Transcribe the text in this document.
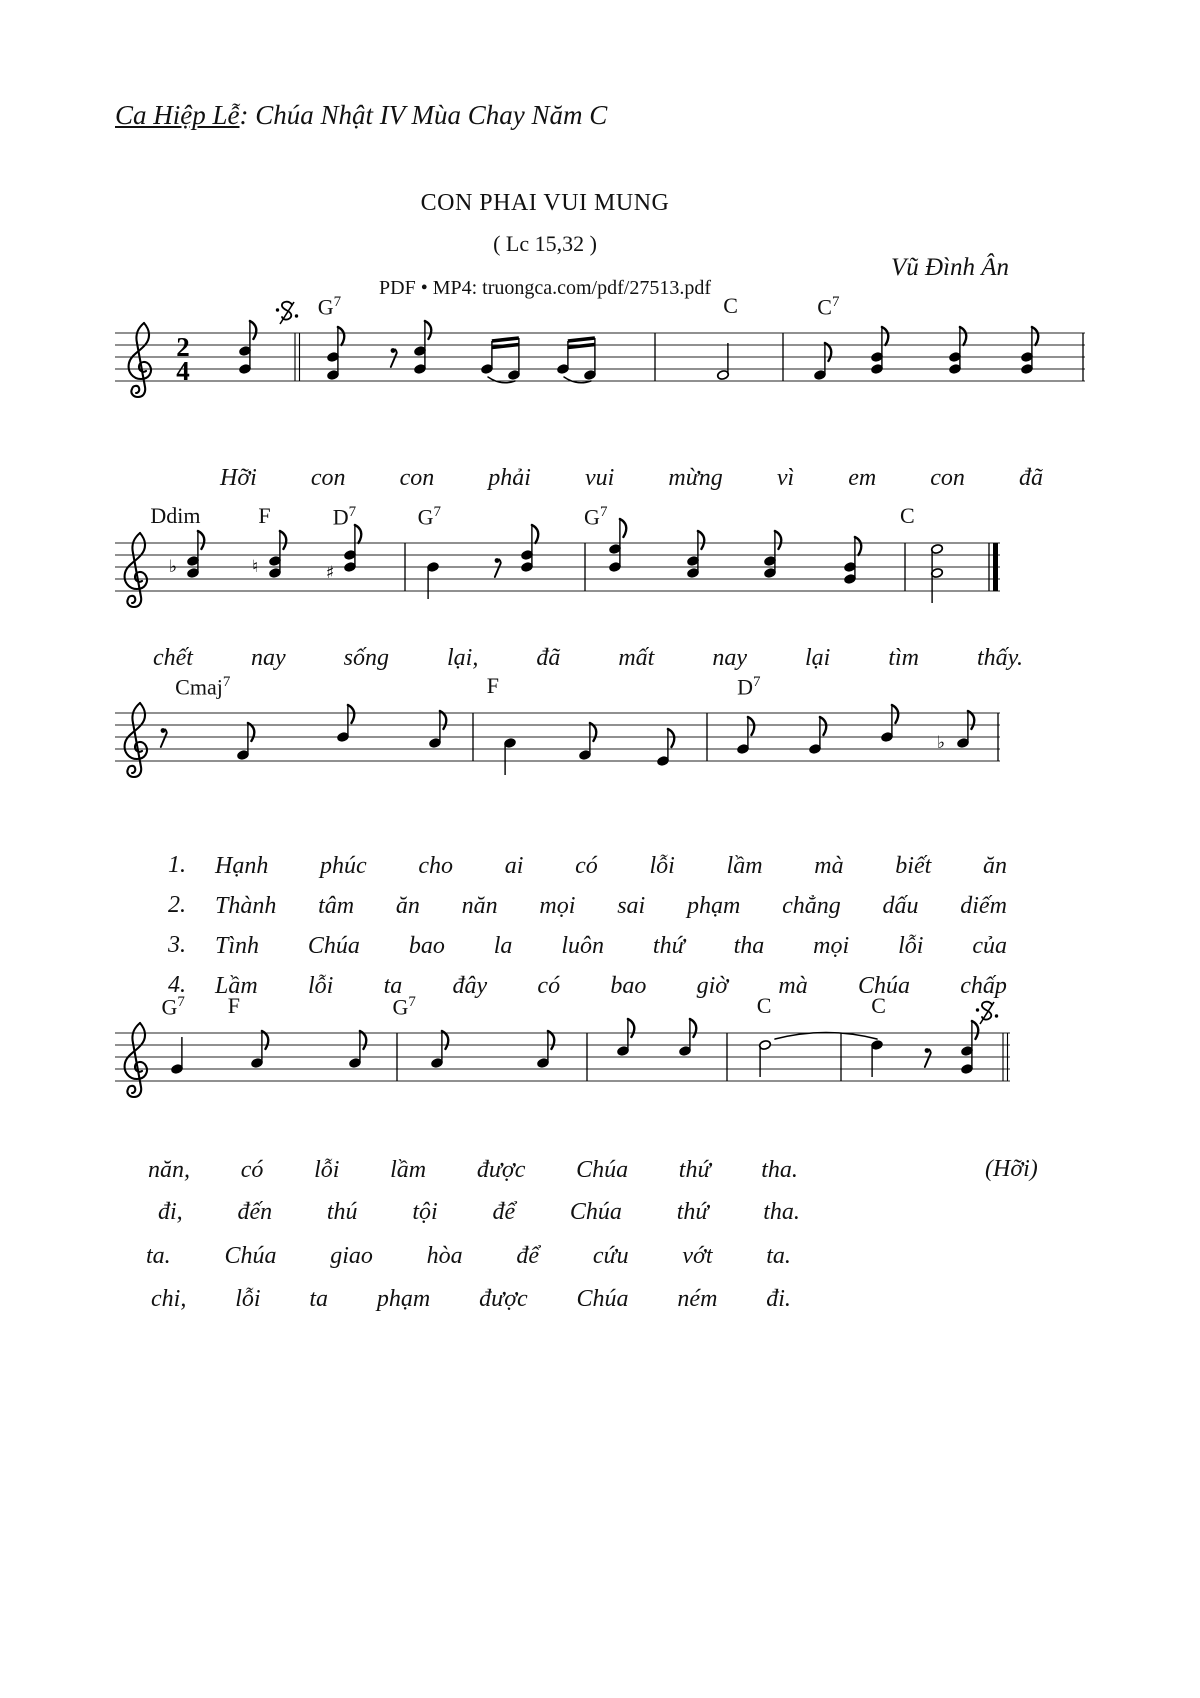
Ca Hiệp Lễ: Chúa Nhật IV Mùa Chay Năm C
CON PHAI VUI MUNG
( Lc 15,32 )
PDF • MP4: truongca.com/pdf/27513.pdf
Vũ Đình Ân
$G^7$	C	$C^7$
2
4
Hỡi con con phải vui mừng vì em con đã
Ddim	F	$D^7$	$G^7$	$G^7$	C
♭	♮	♯
chết nay sống lại, đã mất nay lại tìm thấy.
Cmaj$^7$	F	$D^7$
♭
1. Hạnh phúc cho ai có lỗi lầm mà biết ăn
2. Thành tâm ăn năn mọi sai phạm chẳng dấu diếm
3. Tình Chúa bao la luôn thứ tha mọi lỗi của
4. Lầm lỗi ta đây có bao giờ mà Chúa chấp
$G^7$ F	$G^7$	C	C
năn, có lỗi lầm được Chúa thứ tha.	(Hỡi)
đi, đến thú tội để Chúa thứ tha.
ta. Chúa giao hòa để cứu vớt ta.
chi, lỗi ta phạm được Chúa ném đi.
